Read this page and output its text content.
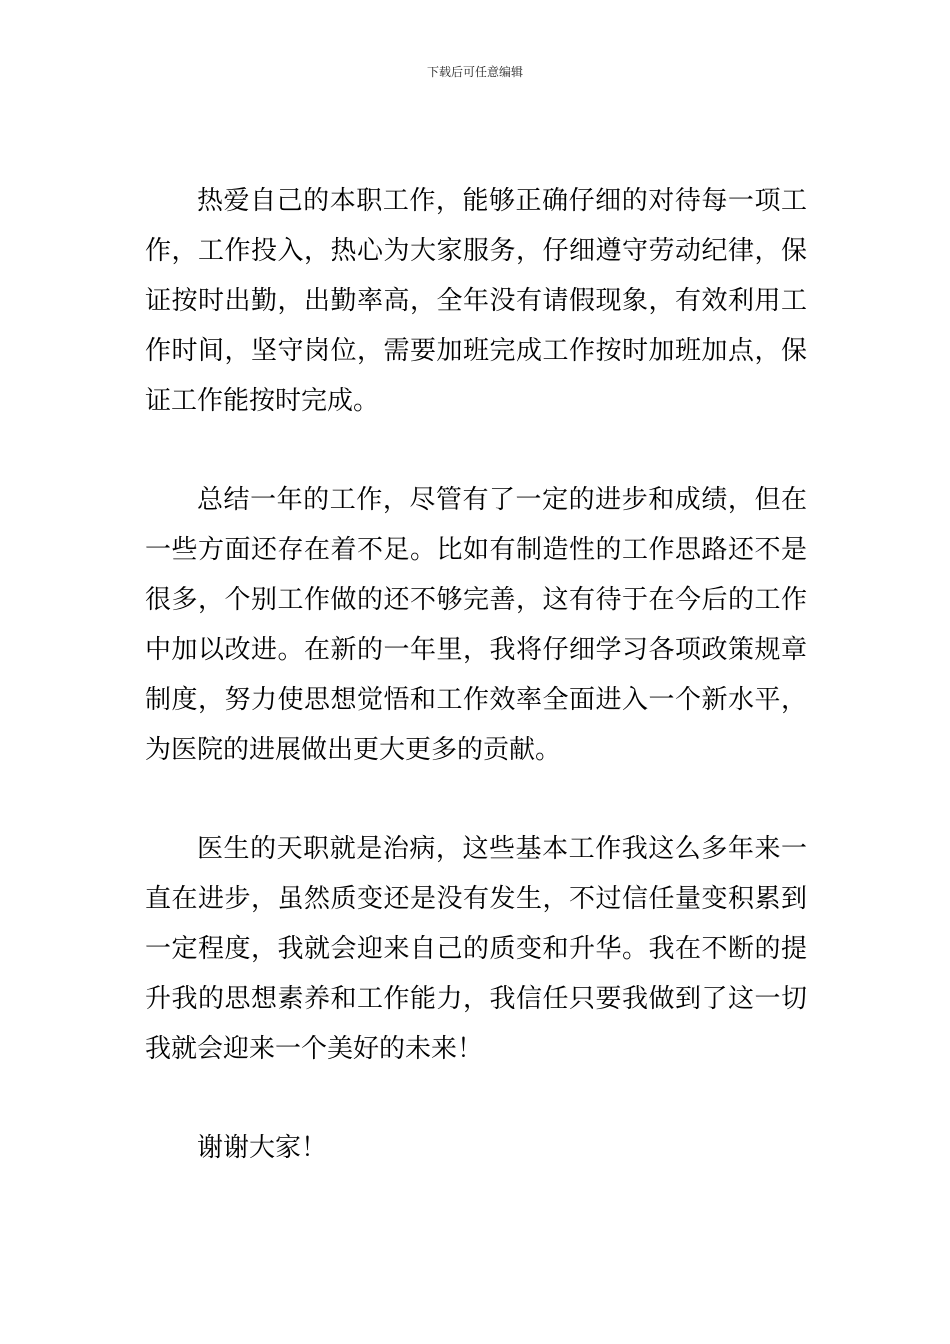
下载后可任意编辑

热爱自己的本职工作，能够正确仔细的对待每一项工作，工作投入，热心为大家服务，仔细遵守劳动纪律，保证按时出勤，出勤率高，全年没有请假现象，有效利用工作时间，坚守岗位，需要加班完成工作按时加班加点，保证工作能按时完成。

总结一年的工作，尽管有了一定的进步和成绩，但在一些方面还存在着不足。比如有制造性的工作思路还不是很多，个别工作做的还不够完善，这有待于在今后的工作中加以改进。在新的一年里，我将仔细学习各项政策规章制度，努力使思想觉悟和工作效率全面进入一个新水平，为医院的进展做出更大更多的贡献。

医生的天职就是治病，这些基本工作我这么多年来一直在进步，虽然质变还是没有发生，不过信任量变积累到一定程度，我就会迎来自己的质变和升华。我在不断的提升我的思想素养和工作能力，我信任只要我做到了这一切我就会迎来一个美好的未来！

谢谢大家！
